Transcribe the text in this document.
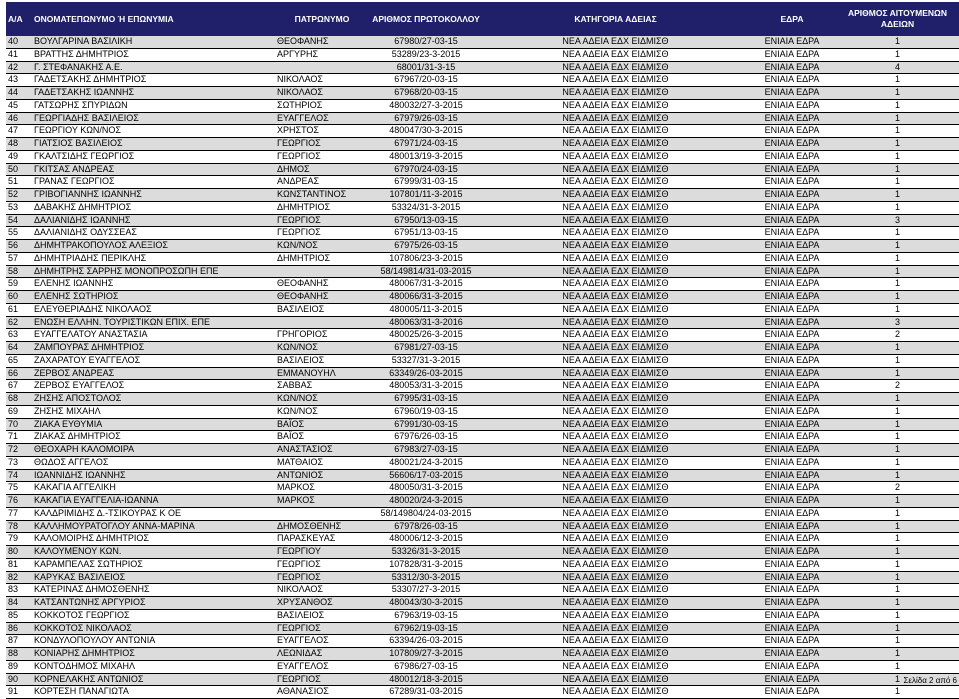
Α/Α	ΟΝΟΜΑΤΕΠΩΝΥΜΟ Ή ΕΠΩΝΥΜΙΑ	ΠΑΤΡΩΝΥΜΟ	ΑΡΙΘΜΟΣ ΠΡΩΤΟΚΟΛΛΟΥ	ΚΑΤΗΓΟΡΙΑ ΑΔΕΙΑΣ	ΕΔΡΑ	ΑΡΙΘΜΟΣ ΑΙΤΟΥΜΕΝΩΝ ΑΔΕΙΩΝ
40	ΒΟΥΛΓΑΡΙΝΑ ΒΑΣΙΛΙΚΗ	ΘΕΟΦΑΝΗΣ	67980/27-03-15	ΝΕΑ ΑΔΕΙΑ ΕΔΧ ΕΙΔΜΙΣΘ	ΕΝΙΑΙΑ ΕΔΡΑ	1
41	ΒΡΑΤΤΗΣ ΔΗΜΗΤΡΙΟΣ	ΑΡΓΥΡΗΣ	53289/23-3-2015	ΝΕΑ ΑΔΕΙΑ ΕΔΧ ΕΙΔΜΙΣΘ	ΕΝΙΑΙΑ ΕΔΡΑ	1
42	Γ. ΣΤΕΦΑΝΑΚΗΣ Α.Ε.		68001/31-3-15	ΝΕΑ ΑΔΕΙΑ ΕΔΧ ΕΙΔΜΙΣΘ	ΕΝΙΑΙΑ ΕΔΡΑ	4
43	ΓΑΔΕΤΣΑΚΗΣ ΔΗΜΗΤΡΙΟΣ	ΝΙΚΟΛΑΟΣ	67967/20-03-15	ΝΕΑ ΑΔΕΙΑ ΕΔΧ ΕΙΔΜΙΣΘ	ΕΝΙΑΙΑ ΕΔΡΑ	1
44	ΓΑΔΕΤΣΑΚΗΣ ΙΩΑΝΝΗΣ	ΝΙΚΟΛΑΟΣ	67968/20-03-15	ΝΕΑ ΑΔΕΙΑ ΕΔΧ ΕΙΔΜΙΣΘ	ΕΝΙΑΙΑ ΕΔΡΑ	1
45	ΓΑΤΣΩΡΗΣ ΣΠΥΡΙΔΩΝ	ΣΩΤΗΡΙΟΣ	480032/27-3-2015	ΝΕΑ ΑΔΕΙΑ ΕΔΧ ΕΙΔΜΙΣΘ	ΕΝΙΑΙΑ ΕΔΡΑ	1
46	ΓΕΩΡΓΙΑΔΗΣ ΒΑΣΙΛΕΙΟΣ	ΕΥΑΓΓΕΛΟΣ	67979/26-03-15	ΝΕΑ ΑΔΕΙΑ ΕΔΧ ΕΙΔΜΙΣΘ	ΕΝΙΑΙΑ ΕΔΡΑ	1
47	ΓΕΩΡΓΙΟΥ ΚΩΝ/ΝΟΣ	ΧΡΗΣΤΟΣ	480047/30-3-2015	ΝΕΑ ΑΔΕΙΑ ΕΔΧ ΕΙΔΜΙΣΘ	ΕΝΙΑΙΑ ΕΔΡΑ	1
48	ΓΙΑΤΣΙΟΣ ΒΑΣΙΛΕΙΟΣ	ΓΕΩΡΓΙΟΣ	67971/24-03-15	ΝΕΑ ΑΔΕΙΑ ΕΔΧ ΕΙΔΜΙΣΘ	ΕΝΙΑΙΑ ΕΔΡΑ	1
49	ΓΚΑΛΤΣΙΔΗΣ ΓΕΩΡΓΙΟΣ	ΓΕΩΡΓΙΟΣ	480013/19-3-2015	ΝΕΑ ΑΔΕΙΑ ΕΔΧ ΕΙΔΜΙΣΘ	ΕΝΙΑΙΑ ΕΔΡΑ	1
50	ΓΚΙΤΣΑΣ ΑΝΔΡΕΑΣ	ΔΗΜΟΣ	67970/24-03-15	ΝΕΑ ΑΔΕΙΑ ΕΔΧ ΕΙΔΜΙΣΘ	ΕΝΙΑΙΑ ΕΔΡΑ	1
51	ΓΡΑΝΑΣ ΓΕΩΡΓΙΟΣ	ΑΝΔΡΕΑΣ	67999/31-03-15	ΝΕΑ ΑΔΕΙΑ ΕΔΧ ΕΙΔΜΙΣΘ	ΕΝΙΑΙΑ ΕΔΡΑ	1
52	ΓΡΙΒΟΓΙΑΝΝΗΣ ΙΩΑΝΝΗΣ	ΚΩΝΣΤΑΝΤΙΝΟΣ	107801/11-3-2015	ΝΕΑ ΑΔΕΙΑ ΕΔΧ ΕΙΔΜΙΣΘ	ΕΝΙΑΙΑ ΕΔΡΑ	1
53	ΔΑΒΑΚΗΣ ΔΗΜΗΤΡΙΟΣ	ΔΗΜΗΤΡΙΟΣ	53324/31-3-2015	ΝΕΑ ΑΔΕΙΑ ΕΔΧ ΕΙΔΜΙΣΘ	ΕΝΙΑΙΑ ΕΔΡΑ	1
54	ΔΑΛΙΑΝΙΔΗΣ ΙΩΑΝΝΗΣ	ΓΕΩΡΓΙΟΣ	67950/13-03-15	ΝΕΑ ΑΔΕΙΑ ΕΔΧ ΕΙΔΜΙΣΘ	ΕΝΙΑΙΑ ΕΔΡΑ	3
55	ΔΑΛΙΑΝΙΔΗΣ ΟΔΥΣΣΕΑΣ	ΓΕΩΡΓΙΟΣ	67951/13-03-15	ΝΕΑ ΑΔΕΙΑ ΕΔΧ ΕΙΔΜΙΣΘ	ΕΝΙΑΙΑ ΕΔΡΑ	1
56	ΔΗΜΗΤΡΑΚΟΠΟΥΛΟΣ ΑΛΕΞΙΟΣ	ΚΩΝ/ΝΟΣ	67975/26-03-15	ΝΕΑ ΑΔΕΙΑ ΕΔΧ ΕΙΔΜΙΣΘ	ΕΝΙΑΙΑ ΕΔΡΑ	1
57	ΔΗΜΗΤΡΙΑΔΗΣ ΠΕΡΙΚΛΗΣ	ΔΗΜΗΤΡΙΟΣ	107806/23-3-2015	ΝΕΑ ΑΔΕΙΑ ΕΔΧ ΕΙΔΜΙΣΘ	ΕΝΙΑΙΑ ΕΔΡΑ	1
58	ΔΗΜΗΤΡΗΣ ΣΑΡΡΗΣ ΜΟΝΟΠΡΟΣΩΠΗ ΕΠΕ		58/149814/31-03-2015	ΝΕΑ ΑΔΕΙΑ ΕΔΧ ΕΙΔΜΙΣΘ	ΕΝΙΑΙΑ ΕΔΡΑ	1
59	ΕΛΕΝΗΣ ΙΩΑΝΝΗΣ	ΘΕΟΦΑΝΗΣ	480067/31-3-2015	ΝΕΑ ΑΔΕΙΑ ΕΔΧ ΕΙΔΜΙΣΘ	ΕΝΙΑΙΑ ΕΔΡΑ	1
60	ΕΛΕΝΗΣ ΣΩΤΗΡΙΟΣ	ΘΕΟΦΑΝΗΣ	480066/31-3-2015	ΝΕΑ ΑΔΕΙΑ ΕΔΧ ΕΙΔΜΙΣΘ	ΕΝΙΑΙΑ ΕΔΡΑ	1
61	ΕΛΕΥΘΕΡΙΑΔΗΣ ΝΙΚΟΛΑΟΣ	ΒΑΣΙΛΕΙΟΣ	480005/11-3-2015	ΝΕΑ ΑΔΕΙΑ ΕΔΧ ΕΙΔΜΙΣΘ	ΕΝΙΑΙΑ ΕΔΡΑ	1
62	ΕΝΩΣΗ ΕΛΛΗΝ. ΤΟΥΡΙΣΤΙΚΩΝ ΕΠΙΧ. ΕΠΕ		480063/31-3-2016	ΝΕΑ ΑΔΕΙΑ ΕΔΧ ΕΙΔΜΙΣΘ	ΕΝΙΑΙΑ ΕΔΡΑ	3
63	ΕΥΑΓΓΕΛΑΤΟΥ ΑΝΑΣΤΑΣΙΑ	ΓΡΗΓΟΡΙΟΣ	480025/26-3-2015	ΝΕΑ ΑΔΕΙΑ ΕΔΧ ΕΙΔΜΙΣΘ	ΕΝΙΑΙΑ ΕΔΡΑ	2
64	ΖΑΜΠΟΥΡΑΣ ΔΗΜΗΤΡΙΟΣ	ΚΩΝ/ΝΟΣ	67981/27-03-15	ΝΕΑ ΑΔΕΙΑ ΕΔΧ ΕΙΔΜΙΣΘ	ΕΝΙΑΙΑ ΕΔΡΑ	1
65	ΖΑΧΑΡΑΤΟΥ ΕΥΑΓΓΕΛΟΣ	ΒΑΣΙΛΕΙΟΣ	53327/31-3-2015	ΝΕΑ ΑΔΕΙΑ ΕΔΧ ΕΙΔΜΙΣΘ	ΕΝΙΑΙΑ ΕΔΡΑ	1
66	ΖΕΡΒΟΣ ΑΝΔΡΕΑΣ	ΕΜΜΑΝΟΥΗΛ	63349/26-03-2015	ΝΕΑ ΑΔΕΙΑ ΕΔΧ ΕΙΔΜΙΣΘ	ΕΝΙΑΙΑ ΕΔΡΑ	1
67	ΖΕΡΒΟΣ ΕΥΑΓΓΕΛΟΣ	ΣΑΒΒΑΣ	480053/31-3-2015	ΝΕΑ ΑΔΕΙΑ ΕΔΧ ΕΙΔΜΙΣΘ	ΕΝΙΑΙΑ ΕΔΡΑ	2
68	ΖΗΣΗΣ ΑΠΟΣΤΟΛΟΣ	ΚΩΝ/ΝΟΣ	67995/31-03-15	ΝΕΑ ΑΔΕΙΑ ΕΔΧ ΕΙΔΜΙΣΘ	ΕΝΙΑΙΑ ΕΔΡΑ	1
69	ΖΗΣΗΣ ΜΙΧΑΗΛ	ΚΩΝ/ΝΟΣ	67960/19-03-15	ΝΕΑ ΑΔΕΙΑ ΕΔΧ ΕΙΔΜΙΣΘ	ΕΝΙΑΙΑ ΕΔΡΑ	1
70	ΖΙΑΚΑ ΕΥΘΥΜΙΑ	ΒΑΪΟΣ	67991/30-03-15	ΝΕΑ ΑΔΕΙΑ ΕΔΧ ΕΙΔΜΙΣΘ	ΕΝΙΑΙΑ ΕΔΡΑ	1
71	ΖΙΑΚΑΣ ΔΗΜΗΤΡΙΟΣ	ΒΑΪΟΣ	67976/26-03-15	ΝΕΑ ΑΔΕΙΑ ΕΔΧ ΕΙΔΜΙΣΘ	ΕΝΙΑΙΑ ΕΔΡΑ	1
72	ΘΕΟΧΑΡΗ ΚΑΛΟΜΟΙΡΑ	ΑΝΑΣΤΑΣΙΟΣ	67983/27-03-15	ΝΕΑ ΑΔΕΙΑ ΕΔΧ ΕΙΔΜΙΣΘ	ΕΝΙΑΙΑ ΕΔΡΑ	1
73	ΘΩΔΟΣ ΑΓΓΕΛΟΣ	ΜΑΤΘΑΙΟΣ	480021/24-3-2015	ΝΕΑ ΑΔΕΙΑ ΕΔΧ ΕΙΔΜΙΣΘ	ΕΝΙΑΙΑ ΕΔΡΑ	1
74	ΙΩΑΝΝΙΔΗΣ ΙΩΑΝΝΗΣ	ΑΝΤΩΝΙΟΣ	56606/17-03-2015	ΝΕΑ ΑΔΕΙΑ ΕΔΧ ΕΙΔΜΙΣΘ	ΕΝΙΑΙΑ ΕΔΡΑ	1
75	ΚΑΚΑΓΙΑ ΑΓΓΕΛΙΚΗ	ΜΑΡΚΟΣ	480050/31-3-2015	ΝΕΑ ΑΔΕΙΑ ΕΔΧ ΕΙΔΜΙΣΘ	ΕΝΙΑΙΑ ΕΔΡΑ	2
76	ΚΑΚΑΓΙΑ ΕΥΑΓΓΕΛΙΑ-ΙΩΑΝΝΑ	ΜΑΡΚΟΣ	480020/24-3-2015	ΝΕΑ ΑΔΕΙΑ ΕΔΧ ΕΙΔΜΙΣΘ	ΕΝΙΑΙΑ ΕΔΡΑ	1
77	ΚΑΛΔΡΙΜΙΔΗΣ Δ.-ΤΣΙΚΟΥΡΑΣ Κ ΟΕ		58/149804/24-03-2015	ΝΕΑ ΑΔΕΙΑ ΕΔΧ ΕΙΔΜΙΣΘ	ΕΝΙΑΙΑ ΕΔΡΑ	1
78	ΚΑΛΛΗΜΟΥΡΑΤΟΓΛΟΥ ΑΝΝΑ-ΜΑΡΙΝΑ	ΔΗΜΟΣΘΕΝΗΣ	67978/26-03-15	ΝΕΑ ΑΔΕΙΑ ΕΔΧ ΕΙΔΜΙΣΘ	ΕΝΙΑΙΑ ΕΔΡΑ	1
79	ΚΑΛΟΜΟΙΡΗΣ ΔΗΜΗΤΡΙΟΣ	ΠΑΡΑΣΚΕΥΑΣ	480006/12-3-2015	ΝΕΑ ΑΔΕΙΑ ΕΔΧ ΕΙΔΜΙΣΘ	ΕΝΙΑΙΑ ΕΔΡΑ	1
80	ΚΑΛΟΥΜΕΝΟΥ ΚΩΝ.	ΓΕΩΡΓΙΟΥ	53326/31-3-2015	ΝΕΑ ΑΔΕΙΑ ΕΔΧ ΕΙΔΜΙΣΘ	ΕΝΙΑΙΑ ΕΔΡΑ	1
81	ΚΑΡΑΜΠΕΛΑΣ ΣΩΤΗΡΙΟΣ	ΓΕΩΡΓΙΟΣ	107828/31-3-2015	ΝΕΑ ΑΔΕΙΑ ΕΔΧ ΕΙΔΜΙΣΘ	ΕΝΙΑΙΑ ΕΔΡΑ	1
82	ΚΑΡΥΚΑΣ ΒΑΣΙΛΕΙΟΣ	ΓΕΩΡΓΙΟΣ	53312/30-3-2015	ΝΕΑ ΑΔΕΙΑ ΕΔΧ ΕΙΔΜΙΣΘ	ΕΝΙΑΙΑ ΕΔΡΑ	1
83	ΚΑΤΕΡΙΝΑΣ ΔΗΜΟΣΘΕΝΗΣ	ΝΙΚΟΛΑΟΣ	53307/27-3-2015	ΝΕΑ ΑΔΕΙΑ ΕΔΧ ΕΙΔΜΙΣΘ	ΕΝΙΑΙΑ ΕΔΡΑ	1
84	ΚΑΤΣΑΝΤΩΝΗΣ ΑΡΓΥΡΙΟΣ	ΧΡΥΣΑΝΘΟΣ	480043/30-3-2015	ΝΕΑ ΑΔΕΙΑ ΕΔΧ ΕΙΔΜΙΣΘ	ΕΝΙΑΙΑ ΕΔΡΑ	1
85	ΚΟΚΚΟΤΟΣ ΓΕΩΡΓΙΟΣ	ΒΑΣΙΛΕΙΟΣ	67963/19-03-15	ΝΕΑ ΑΔΕΙΑ ΕΔΧ ΕΙΔΜΙΣΘ	ΕΝΙΑΙΑ ΕΔΡΑ	1
86	ΚΟΚΚΟΤΟΣ ΝΙΚΟΛΑΟΣ	ΓΕΩΡΓΙΟΣ	67962/19-03-15	ΝΕΑ ΑΔΕΙΑ ΕΔΧ ΕΙΔΜΙΣΘ	ΕΝΙΑΙΑ ΕΔΡΑ	1
87	ΚΟΝΔΥΛΟΠΟΥΛΟΥ ΑΝΤΩΝΙΑ	ΕΥΑΓΓΕΛΟΣ	63394/26-03-2015	ΝΕΑ ΑΔΕΙΑ ΕΔΧ ΕΙΔΜΙΣΘ	ΕΝΙΑΙΑ ΕΔΡΑ	1
88	ΚΟΝΙΑΡΗΣ ΔΗΜΗΤΡΙΟΣ	ΛΕΩΝΙΔΑΣ	107809/27-3-2015	ΝΕΑ ΑΔΕΙΑ ΕΔΧ ΕΙΔΜΙΣΘ	ΕΝΙΑΙΑ ΕΔΡΑ	1
89	ΚΟΝΤΟΔΗΜΟΣ ΜΙΧΑΗΛ	ΕΥΑΓΓΕΛΟΣ	67986/27-03-15	ΝΕΑ ΑΔΕΙΑ ΕΔΧ ΕΙΔΜΙΣΘ	ΕΝΙΑΙΑ ΕΔΡΑ	1
90	ΚΟΡΝΕΛΑΚΗΣ ΑΝΤΩΝΙΟΣ	ΓΕΩΡΓΙΟΣ	480012/18-3-2015	ΝΕΑ ΑΔΕΙΑ ΕΔΧ ΕΙΔΜΙΣΘ	ΕΝΙΑΙΑ ΕΔΡΑ	1
91	ΚΟΡΤΕΣΗ ΠΑΝΑΓΙΩΤΑ	ΑΘΑΝΑΣΙΟΣ	67289/31-03-2015	ΝΕΑ ΑΔΕΙΑ ΕΔΧ ΕΙΔΜΙΣΘ	ΕΝΙΑΙΑ ΕΔΡΑ	1
Σελίδα 2 από 6
